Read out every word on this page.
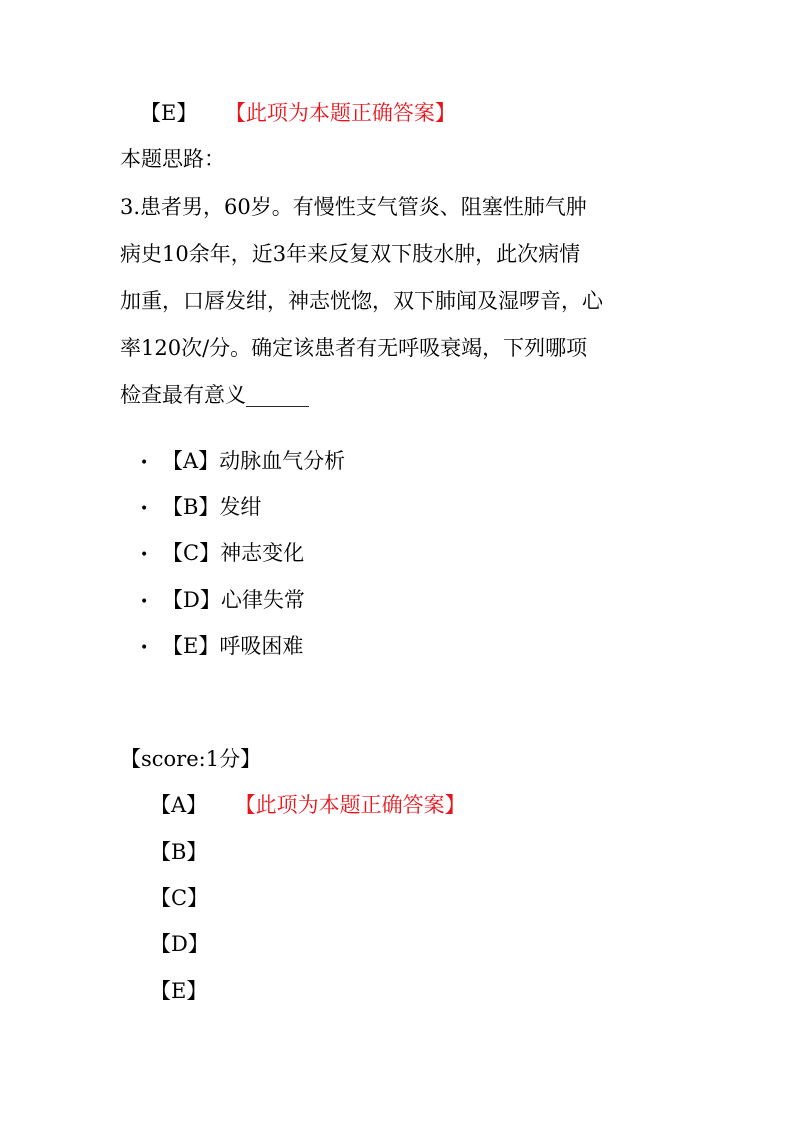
【E】 【此项为本题正确答案】
本题思路：
3.患者男，60岁。有慢性支气管炎、阻塞性肺气肿
病史10余年，近3年来反复双下肢水肿，此次病情
加重，口唇发绀，神志恍惚，双下肺闻及湿啰音，心
率120次/分。确定该患者有无呼吸衰竭，下列哪项
检查最有意义______
• 【A】动脉血气分析
• 【B】发绀
• 【C】神志变化
• 【D】心律失常
• 【E】呼吸困难
【score:1分】
【A】 【此项为本题正确答案】
【B】
【C】
【D】
【E】
